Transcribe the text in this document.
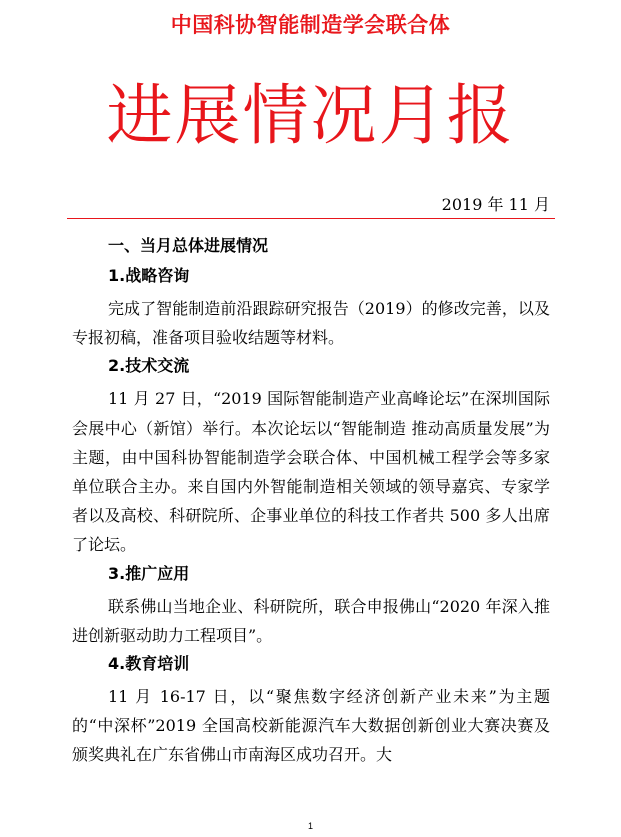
中国科协智能制造学会联合体
进展情况月报
2019 年 11 月
一、当月总体进展情况
1.战略咨询

完成了智能制造前沿跟踪研究报告（2019）的修改完善，以及专报初稿，准备项目验收结题等材料。

2.技术交流

11 月 27 日，“2019 国际智能制造产业高峰论坛”在深圳国际会展中心（新馆）举行。本次论坛以“智能制造 推动高质量发展”为主题，由中国科协智能制造学会联合体、中国机械工程学会等多家单位联合主办。来自国内外智能制造相关领域的领导嘉宾、专家学者以及高校、科研院所、企事业单位的科技工作者共 500 多人出席了论坛。

3.推广应用

联系佛山当地企业、科研院所，联合申报佛山“2020 年深入推进创新驱动助力工程项目”。

4.教育培训

11 月 16-17 日，以“聚焦数字经济创新产业未来”为主题的“中深杯”2019 全国高校新能源汽车大数据创新创业大赛决赛及颁奖典礼在广东省佛山市南海区成功召开。大

1
